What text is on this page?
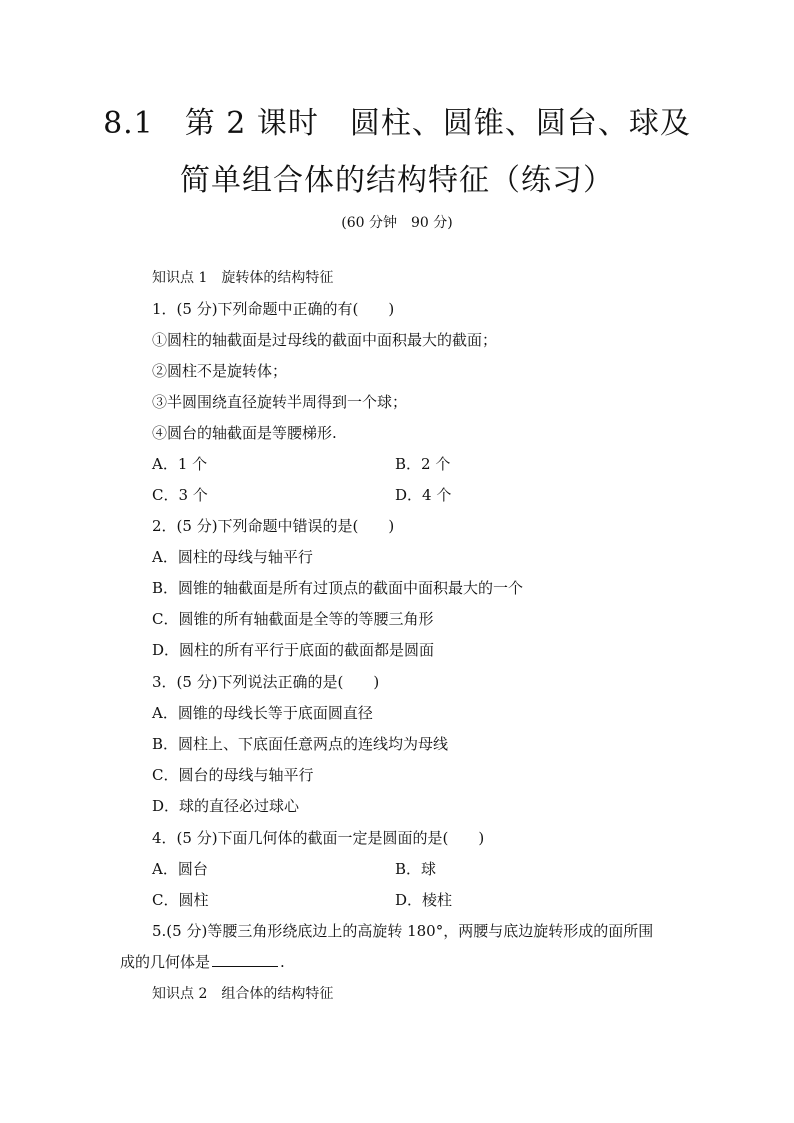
8.1　第 2 课时　圆柱、圆锥、圆台、球及
简单组合体的结构特征（练习）
(60 分钟　90 分)
知识点 1　旋转体的结构特征
1．(5 分)下列命题中正确的有(　　)
①圆柱的轴截面是过母线的截面中面积最大的截面；
②圆柱不是旋转体；
③半圆围绕直径旋转半周得到一个球；
④圆台的轴截面是等腰梯形.
A．1 个	B．2 个
C．3 个	D．4 个
2．(5 分)下列命题中错误的是(　　)
A．圆柱的母线与轴平行
B．圆锥的轴截面是所有过顶点的截面中面积最大的一个
C．圆锥的所有轴截面是全等的等腰三角形
D．圆柱的所有平行于底面的截面都是圆面
3．(5 分)下列说法正确的是(　　)
A．圆锥的母线长等于底面圆直径
B．圆柱上、下底面任意两点的连线均为母线
C．圆台的母线与轴平行
D．球的直径必过球心
4．(5 分)下面几何体的截面一定是圆面的是(　　)
A．圆台	B．球
C．圆柱	D．棱柱
5.(5 分)等腰三角形绕底边上的高旋转 180°，两腰与底边旋转形成的面所围
成的几何体是	.
知识点 2　组合体的结构特征
